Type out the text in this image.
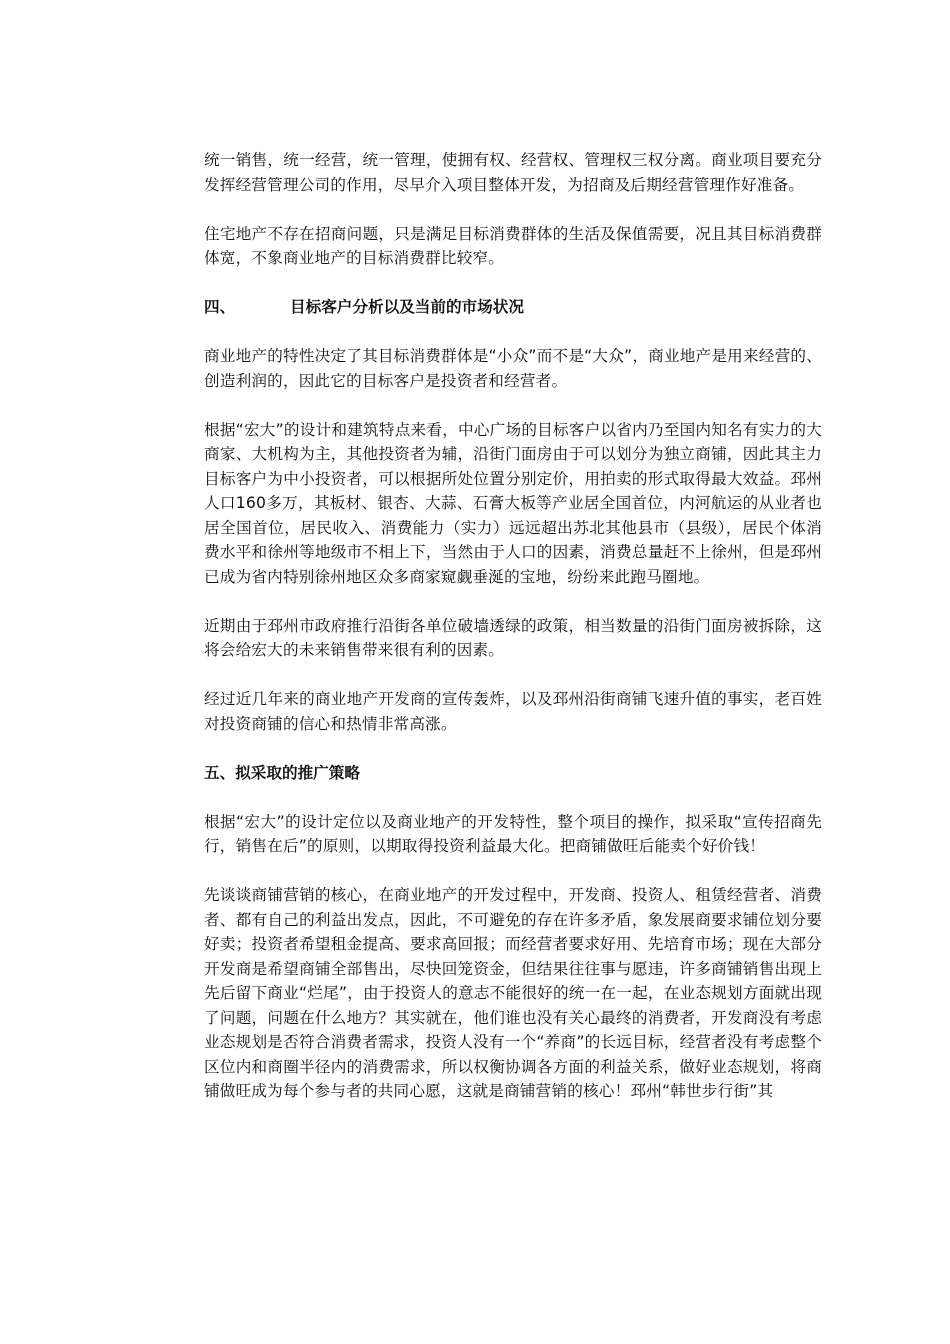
统一销售，统一经营，统一管理，使拥有权、经营权、管理权三权分离。商业项目要充分发挥经营管理公司的作用，尽早介入项目整体开发，为招商及后期经营管理作好准备。

住宅地产不存在招商问题，只是满足目标消费群体的生活及保值需要，况且其目标消费群体宽，不象商业地产的目标消费群比较窄。

四、	目标客户分析以及当前的市场状况

商业地产的特性决定了其目标消费群体是“小众”而不是“大众”，商业地产是用来经营的、创造利润的，因此它的目标客户是投资者和经营者。

根据“宏大”的设计和建筑特点来看，中心广场的目标客户以省内乃至国内知名有实力的大商家、大机构为主，其他投资者为辅，沿街门面房由于可以划分为独立商铺，因此其主力目标客户为中小投资者，可以根据所处位置分别定价，用拍卖的形式取得最大效益。邳州人口160多万，其板材、银杏、大蒜、石膏大板等产业居全国首位，内河航运的从业者也居全国首位，居民收入、消费能力（实力）远远超出苏北其他县市（县级），居民个体消费水平和徐州等地级市不相上下，当然由于人口的因素，消费总量赶不上徐州，但是邳州已成为省内特别徐州地区众多商家窥觑垂涎的宝地，纷纷来此跑马圈地。

近期由于邳州市政府推行沿街各单位破墙透绿的政策，相当数量的沿街门面房被拆除，这将会给宏大的未来销售带来很有利的因素。

经过近几年来的商业地产开发商的宣传轰炸，以及邳州沿街商铺飞速升值的事实，老百姓对投资商铺的信心和热情非常高涨。

五、拟采取的推广策略

根据“宏大”的设计定位以及商业地产的开发特性，整个项目的操作，拟采取“宣传招商先行，销售在后”的原则，以期取得投资利益最大化。把商铺做旺后能卖个好价钱！

先谈谈商铺营销的核心，在商业地产的开发过程中，开发商、投资人、租赁经营者、消费者、都有自己的利益出发点，因此，不可避免的存在许多矛盾，象发展商要求铺位划分要好卖；投资者希望租金提高、要求高回报；而经营者要求好用、先培育市场；现在大部分开发商是希望商铺全部售出，尽快回笼资金，但结果往往事与愿违，许多商铺销售出现上先后留下商业“烂尾”，由于投资人的意志不能很好的统一在一起，在业态规划方面就出现了问题，问题在什么地方？其实就在，他们谁也没有关心最终的消费者，开发商没有考虑业态规划是否符合消费者需求，投资人没有一个“养商”的长远目标，经营者没有考虑整个区位内和商圈半径内的消费需求，所以权衡协调各方面的利益关系，做好业态规划，将商铺做旺成为每个参与者的共同心愿，这就是商铺营销的核心！邳州“韩世步行街”其
